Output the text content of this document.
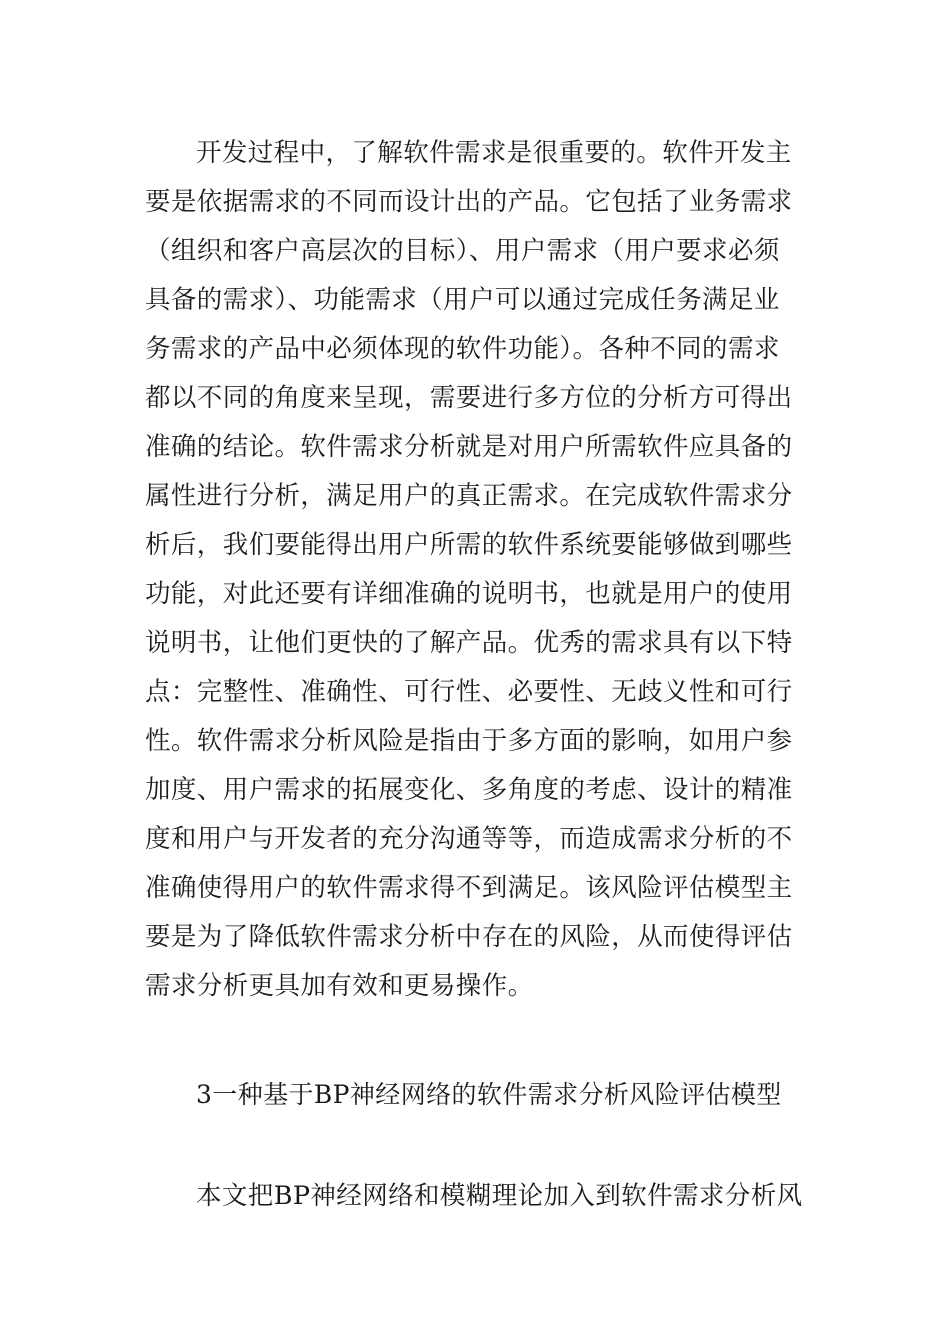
开发过程中，了解软件需求是很重要的。软件开发主

要是依据需求的不同而设计出的产品。它包括了业务需求

（组织和客户高层次的目标）、用户需求（用户要求必须

具备的需求）、功能需求（用户可以通过完成任务满足业

务需求的产品中必须体现的软件功能）。各种不同的需求

都以不同的角度来呈现，需要进行多方位的分析方可得出

准确的结论。软件需求分析就是对用户所需软件应具备的

属性进行分析，满足用户的真正需求。在完成软件需求分

析后，我们要能得出用户所需的软件系统要能够做到哪些

功能，对此还要有详细准确的说明书，也就是用户的使用

说明书，让他们更快的了解产品。优秀的需求具有以下特

点：完整性、准确性、可行性、必要性、无歧义性和可行

性。软件需求分析风险是指由于多方面的影响，如用户参

加度、用户需求的拓展变化、多角度的考虑、设计的精准

度和用户与开发者的充分沟通等等，而造成需求分析的不

准确使得用户的软件需求得不到满足。该风险评估模型主

要是为了降低软件需求分析中存在的风险，从而使得评估

需求分析更具加有效和更易操作。

3一种基于BP神经网络的软件需求分析风险评估模型

本文把BP神经网络和模糊理论加入到软件需求分析风
